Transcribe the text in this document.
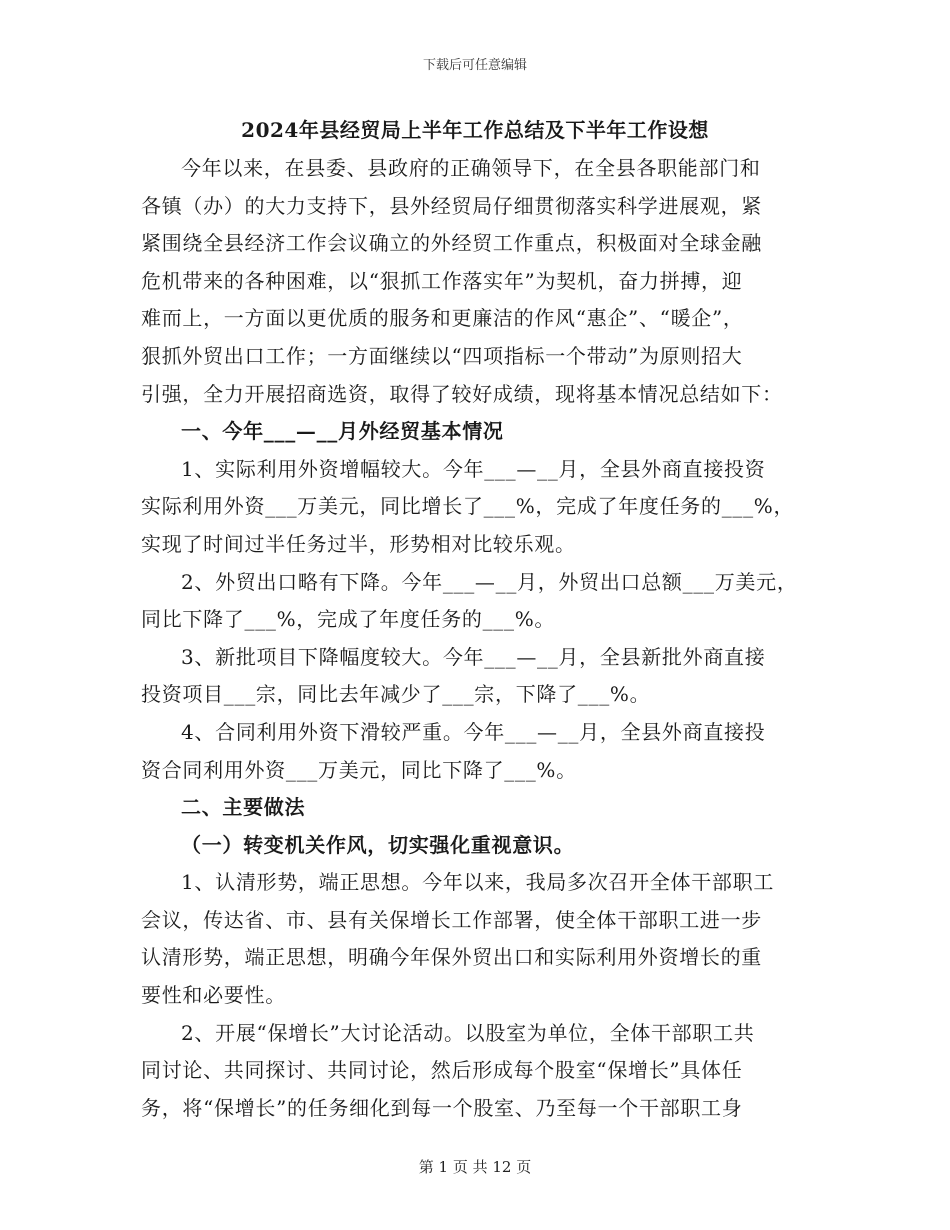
下载后可任意编辑
2024年县经贸局上半年工作总结及下半年工作设想
今年以来，在县委、县政府的正确领导下，在全县各职能部门和
各镇（办）的大力支持下，县外经贸局仔细贯彻落实科学进展观，紧
紧围绕全县经济工作会议确立的外经贸工作重点，积极面对全球金融
危机带来的各种困难，以“狠抓工作落实年”为契机，奋力拼搏，迎
难而上，一方面以更优质的服务和更廉洁的作风“惠企”、“暖企”，
狠抓外贸出口工作；一方面继续以“四项指标一个带动”为原则招大
引强，全力开展招商选资，取得了较好成绩，现将基本情况总结如下：
一、今年___—__月外经贸基本情况
1、实际利用外资增幅较大。今年___—__月，全县外商直接投资
实际利用外资___万美元，同比增长了___%，完成了年度任务的___%，
实现了时间过半任务过半，形势相对比较乐观。
2、外贸出口略有下降。今年___—__月，外贸出口总额___万美元，
同比下降了___%，完成了年度任务的___%。
3、新批项目下降幅度较大。今年___—__月，全县新批外商直接
投资项目___宗，同比去年减少了___宗，下降了___%。
4、合同利用外资下滑较严重。今年___—__月，全县外商直接投
资合同利用外资___万美元，同比下降了___%。
二、主要做法
（一）转变机关作风，切实强化重视意识。
1、认清形势，端正思想。今年以来，我局多次召开全体干部职工
会议，传达省、市、县有关保增长工作部署，使全体干部职工进一步
认清形势，端正思想，明确今年保外贸出口和实际利用外资增长的重
要性和必要性。
2、开展“保增长”大讨论活动。以股室为单位，全体干部职工共
同讨论、共同探讨、共同讨论，然后形成每个股室“保增长”具体任
务，将“保增长”的任务细化到每一个股室、乃至每一个干部职工身
第 1 页 共 12 页
